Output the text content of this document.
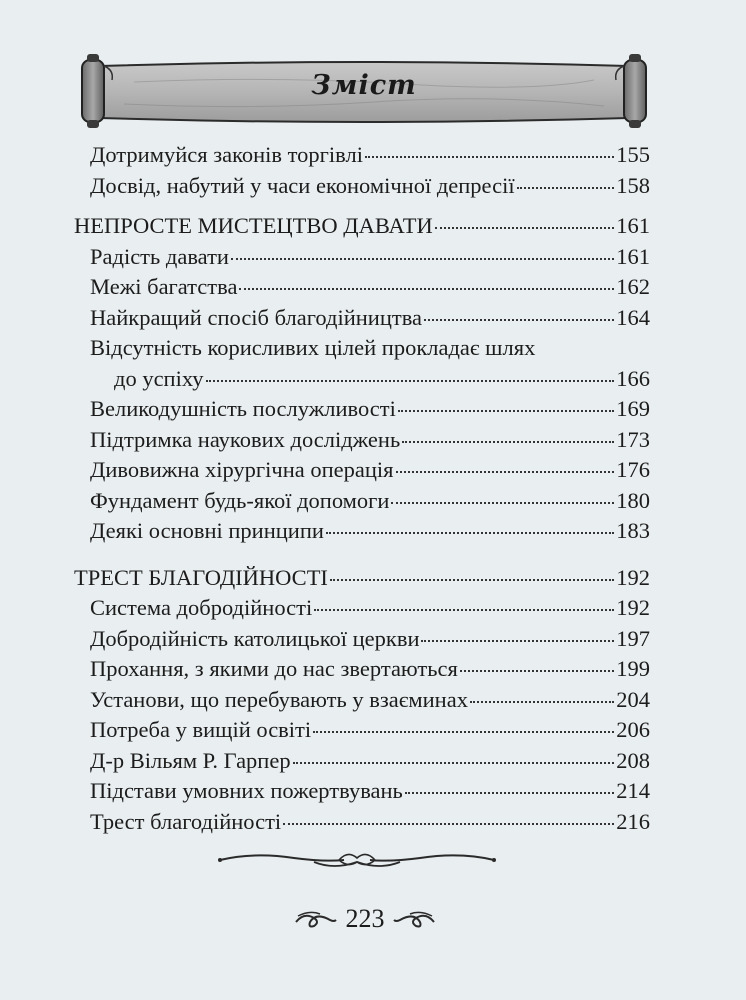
Зміст
Дотримуйся законів торгівлі	155
Досвід, набутий у часи економічної депресії	158
НЕПРОСТЕ МИСТЕЦТВО ДАВАТИ	161
Радість давати	161
Межі багатства	162
Найкращий спосіб благодійництва	164
Відсутність корисливих цілей прокладає шлях
до успіху	166
Великодушність послужливості	169
Підтримка наукових досліджень	173
Дивовижна хірургічна операція	176
Фундамент будь-якої допомоги	180
Деякі основні принципи	183
ТРЕСТ БЛАГОДІЙНОСТІ	192
Система добродійності	192
Добродійність католицької церкви	197
Прохання, з якими до нас звертаються	199
Установи, що перебувають у взаєминах	204
Потреба у вищій освіті	206
Д-р Вільям Р. Гарпер	208
Підстави умовних пожертвувань	214
Трест благодійності	216
223
